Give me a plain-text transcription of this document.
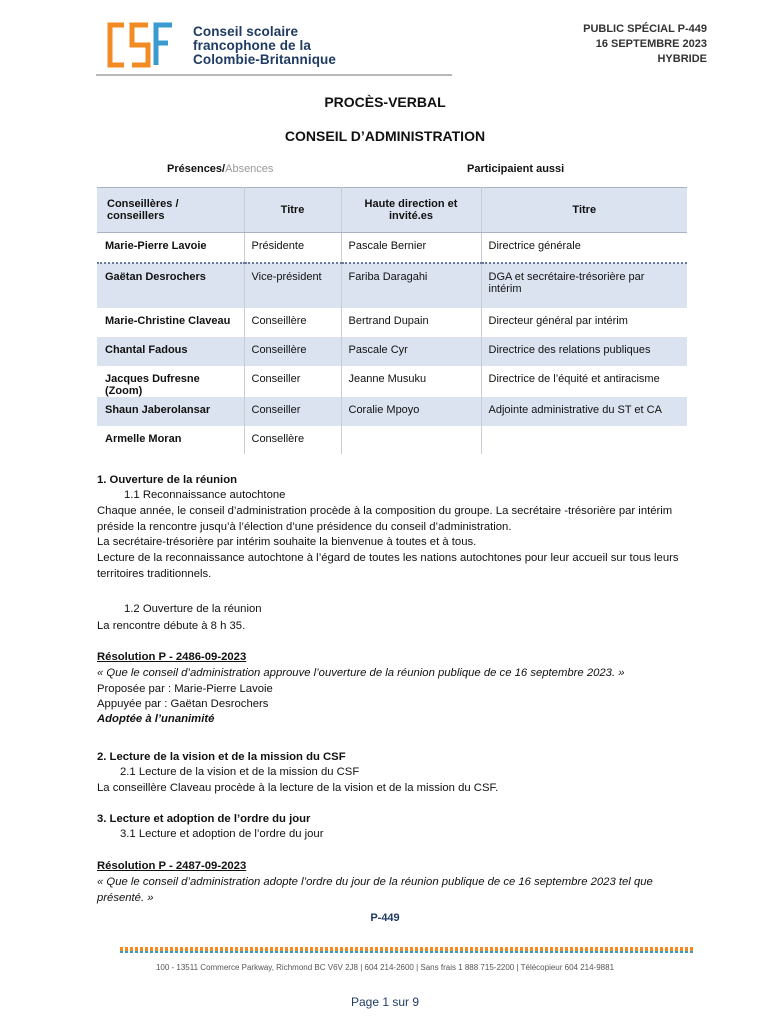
Conseil scolaire
francophone de la
Colombie-Britannique
PUBLIC SPÉCIAL P-449
16 SEPTEMBRE 2023
HYBRIDE
PROCÈS-VERBAL
CONSEIL D’ADMINISTRATION
Présences/Absences	Participaient aussi
Conseillères / conseillers	Titre	Haute direction et invité.es	Titre
Marie-Pierre Lavoie	Présidente	Pascale Bernier	Directrice générale
Gaëtan Desrochers	Vice-président	Fariba Daragahi	DGA et secrétaire-trésorière par intérim
Marie-Christine Claveau	Conseillère	Bertrand Dupain	Directeur général par intérim
Chantal Fadous	Conseillère	Pascale Cyr	Directrice des relations publiques
Jacques Dufresne (Zoom)	Conseiller	Jeanne Musuku	Directrice de l’équité et antiracisme
Shaun Jaberolansar	Conseiller	Coralie Mpoyo	Adjointe administrative du ST et CA
Armelle Moran	Consellère		
1. Ouverture de la réunion
1.1 Reconnaissance autochtone
Chaque année, le conseil d’administration procède à la composition du groupe. La secrétaire -trésorière par intérim préside la rencontre jusqu’à l’élection d’une présidence du conseil d’administration.
La secrétaire-trésorière par intérim souhaite la bienvenue à toutes et à tous.
Lecture de la reconnaissance autochtone à l’égard de toutes les nations autochtones pour leur accueil sur tous leurs territoires traditionnels.
1.2 Ouverture de la réunion
La rencontre débute à 8 h 35.
Résolution P - 2486-09-2023
« Que le conseil d’administration approuve l’ouverture de la réunion publique de ce 16 septembre 2023. »
Proposée par : Marie-Pierre Lavoie
Appuyée par : Gaëtan Desrochers
Adoptée à l’unanimité
2. Lecture de la vision et de la mission du CSF
2.1 Lecture de la vision et de la mission du CSF
La conseillère Claveau procède à la lecture de la vision et de la mission du CSF.
3. Lecture et adoption de l’ordre du jour
3.1 Lecture et adoption de l’ordre du jour
Résolution P - 2487-09-2023
« Que le conseil d’administration adopte l’ordre du jour de la réunion publique de ce 16 septembre 2023 tel que présenté. »
P-449
100 - 13511 Commerce Parkway, Richmond BC V6V 2J8 | 604 214-2600 | Sans frais 1 888 715-2200 | Télécopieur 604 214-9881
Page 1 sur 9
